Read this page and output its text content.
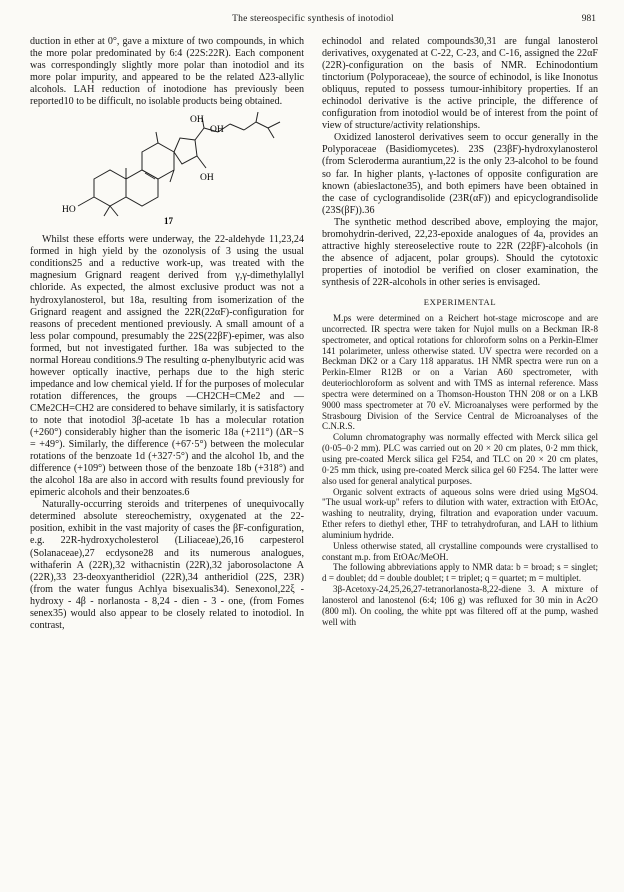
The stereospecific synthesis of inotodiol	981

duction in ether at 0°, gave a mixture of two compounds, in which the more polar predominated by 6:4 (22S:22R). Each component was correspondingly slightly more polar than inotodiol and its more polar impurity, and appeared to be the related Δ23-allylic alcohols. LAH reduction of inotodione has previously been reported10 to be difficult, no isolable products being obtained.

OH
OH
HO
OH
17

Whilst these efforts were underway, the 22-aldehyde 11,23,24 formed in high yield by the ozonolysis of 3 using the usual conditions25 and a reductive work-up, was treated with the magnesium Grignard reagent derived from γ,γ-dimethylallyl chloride. As expected, the almost exclusive product was not a hydroxylanosterol, but 18a, resulting from isomerization of the Grignard reagent and assigned the 22R(22αF)-configuration for reasons of precedent mentioned previously. A small amount of a less polar compound, presumably the 22S(22βF)-epimer, was also formed, but not investigated further. 18a was subjected to the normal Horeau conditions.9 The resulting α-phenylbutyric acid was however optically inactive, perhaps due to the high steric impedance and low chemical yield. If for the purposes of molecular rotation differences, the groups —CH2CH=CMe2 and —CMe2CH=CH2 are considered to behave similarly, it is satisfactory to note that inotodiol 3β-acetate 1b has a molecular rotation (+260°) considerably higher than the isomeric 18a (+211°) (ΔR−S = +49°). Similarly, the difference (+67·5°) between the molecular rotations of the benzoate 1d (+327·5°) and the alcohol 1b, and the difference (+109°) between those of the benzoate 18b (+318°) and the alcohol 18a are also in accord with results found previously for epimeric alcohols and their benzoates.6

Naturally-occurring steroids and triterpenes of unequivocally determined absolute stereochemistry, oxygenated at the 22-position, exhibit in the vast majority of cases the βF-configuration, e.g. 22R-hydroxycholesterol (Liliaceae),26,16 carpesterol (Solanaceae),27 ecdysone28 and its numerous analogues, withaferin A (22R),32 withacnistin (22R),32 jaborosolactone A (22R),33 23-deoxyantheridiol (22R),34 antheridiol (22S, 23R) (from the water fungus Achlya bisexualis34). Senexonol,22ξ - hydroxy - 4β - norlanosta - 8,24 - dien - 3 - one, (from Fomes senex35) would also appear to be closely related to inotodiol. In contrast,

echinodol and related compounds30,31 are fungal lanosterol derivatives, oxygenated at C-22, C-23, and C-16, assigned the 22αF (22R)-configuration on the basis of NMR. Echinodontium tinctorium (Polyporaceae), the source of echinodol, is like Inonotus obliquus, reputed to possess tumour-inhibitory properties. If an echinodol derivative is the active principle, the difference of configuration from inotodiol would be of interest from the point of view of structure/activity relationships.

Oxidized lanosterol derivatives seem to occur generally in the Polyporaceae (Basidiomycetes). 23S (23βF)-hydroxylanosterol (from Scleroderma aurantium,22 is the only 23-alcohol to be found so far. In higher plants, γ-lactones of opposite configuration are known (abieslactone35), and both epimers have been obtained in the case of cyclograndisolide (23R(αF)) and epicyclograndisolide (23S(βF)).36

The synthetic method described above, employing the major, bromohydrin-derived, 22,23-epoxide analogues of 4a, provides an attractive highly stereoselective route to 22R (22βF)-alcohols (in the absence of adjacent, polar groups). Should the cytotoxic properties of inotodiol be verified on closer examination, the synthesis of 22R-alcohols in other series is envisaged.

EXPERIMENTAL

M.ps were determined on a Reichert hot-stage microscope and are uncorrected. IR spectra were taken for Nujol mulls on a Beckman IR-8 spectrometer, and optical rotations for chloroform solns on a Perkin-Elmer 141 polarimeter, unless otherwise stated. UV spectra were recorded on a Beckman DK2 or a Cary 118 apparatus. 1H NMR spectra were run on a Perkin-Elmer R12B or on a Varian A60 spectrometer, with deuteriochloroform as solvent and with TMS as internal reference. Mass spectra were determined on a Thomson-Houston THN 208 or on a LKB 9000 mass spectrometer at 70 eV. Microanalyses were performed by the Strasbourg Division of the Service Central de Microanalyses of the C.N.R.S.

Column chromatography was normally effected with Merck silica gel (0·05–0·2 mm). PLC was carried out on 20 × 20 cm plates, 0·2 mm thick, using pre-coated Merck silica gel F254, and TLC on 20 × 20 cm plates, 0·25 mm thick, using pre-coated Merck silica gel 60 F254. The latter were also used for general analytical purposes.

Organic solvent extracts of aqueous solns were dried using MgSO4. "The usual work-up" refers to dilution with water, extraction with EtOAc, washing to neutrality, drying, filtration and evaporation under vacuum. Ether refers to diethyl ether, THF to tetrahydrofuran, and LAH to lithium aluminium hydride.

Unless otherwise stated, all crystalline compounds were crystallised to constant m.p. from EtOAc/MeOH.

The following abbreviations apply to NMR data: b = broad; s = singlet; d = doublet; dd = double doublet; t = triplet; q = quartet; m = multiplet.

3β-Acetoxy-24,25,26,27-tetranorlanosta-8,22-diene 3. A mixture of lanosterol and lanostenol (6:4; 106 g) was refluxed for 30 min in Ac2O (800 ml). On cooling, the white ppt was filtered off at the pump, washed well with
